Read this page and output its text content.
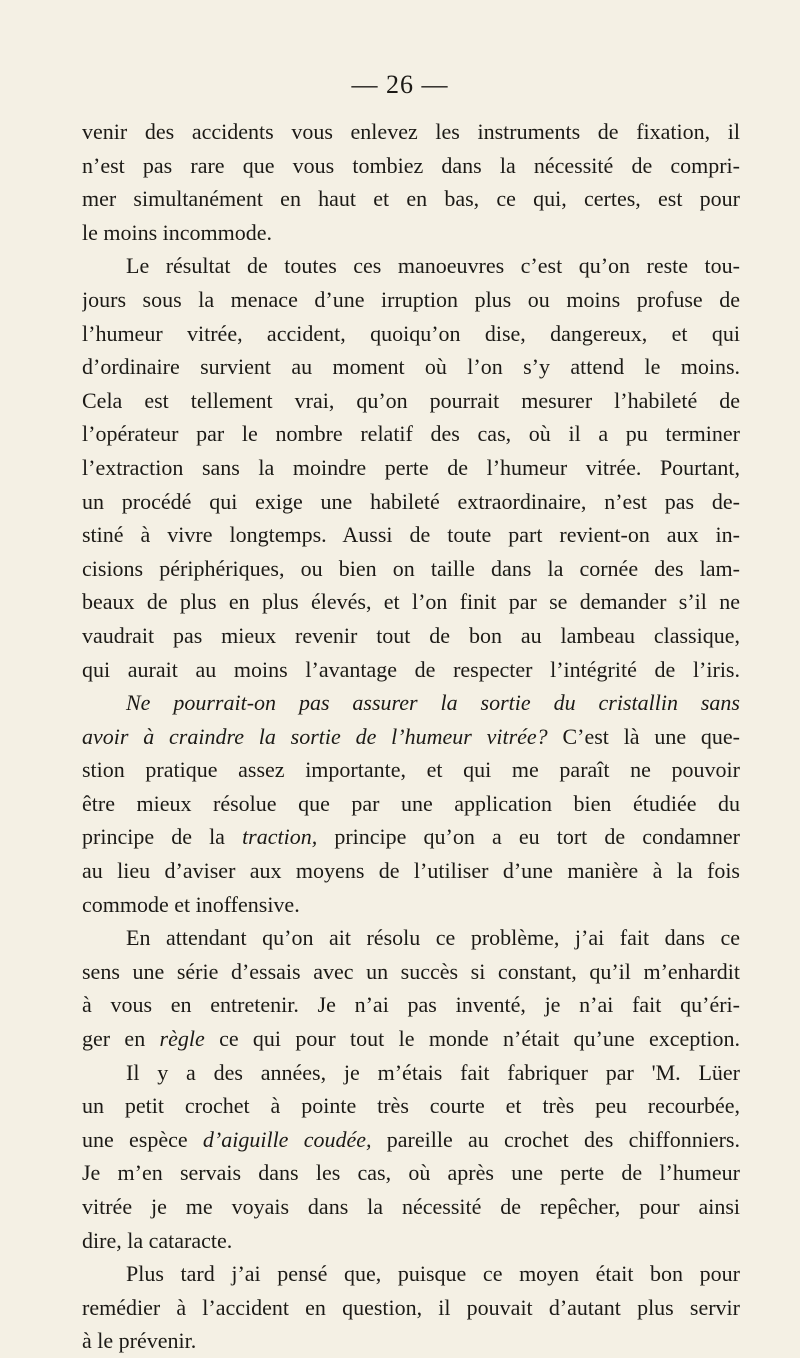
— 26 —
venir des accidents vous enlevez les instruments de fixation, il
n’est pas rare que vous tombiez dans la nécessité de compri-
mer simultanément en haut et en bas, ce qui, certes, est pour
le moins incommode.
Le résultat de toutes ces manoeuvres c’est qu’on reste tou-
jours sous la menace d’une irruption plus ou moins profuse de
l’humeur vitrée, accident, quoiqu’on dise, dangereux, et qui
d’ordinaire survient au moment où l’on s’y attend le moins.
Cela est tellement vrai, qu’on pourrait mesurer l’habileté de
l’opérateur par le nombre relatif des cas, où il a pu terminer
l’extraction sans la moindre perte de l’humeur vitrée. Pourtant,
un procédé qui exige une habileté extraordinaire, n’est pas de-
stiné à vivre longtemps. Aussi de toute part revient-on aux in-
cisions périphériques, ou bien on taille dans la cornée des lam-
beaux de plus en plus élevés, et l’on finit par se demander s’il ne
vaudrait pas mieux revenir tout de bon au lambeau classique,
qui aurait au moins l’avantage de respecter l’intégrité de l’iris.
Ne pourrait-on pas assurer la sortie du cristallin sans
avoir à craindre la sortie de l’humeur vitrée? C’est là une que-
stion pratique assez importante, et qui me paraît ne pouvoir
être mieux résolue que par une application bien étudiée du
principe de la traction, principe qu’on a eu tort de condamner
au lieu d’aviser aux moyens de l’utiliser d’une manière à la fois
commode et inoffensive.
En attendant qu’on ait résolu ce problème, j’ai fait dans ce
sens une série d’essais avec un succès si constant, qu’il m’enhardit
à vous en entretenir. Je n’ai pas inventé, je n’ai fait qu’éri-
ger en règle ce qui pour tout le monde n’était qu’une exception.
Il y a des années, je m’étais fait fabriquer par 'M. Lüer
un petit crochet à pointe très courte et très peu recourbée,
une espèce d’aiguille coudée, pareille au crochet des chiffonniers.
Je m’en servais dans les cas, où après une perte de l’humeur
vitrée je me voyais dans la nécessité de repêcher, pour ainsi
dire, la cataracte.
Plus tard j’ai pensé que, puisque ce moyen était bon pour
remédier à l’accident en question, il pouvait d’autant plus servir
à le prévenir.
